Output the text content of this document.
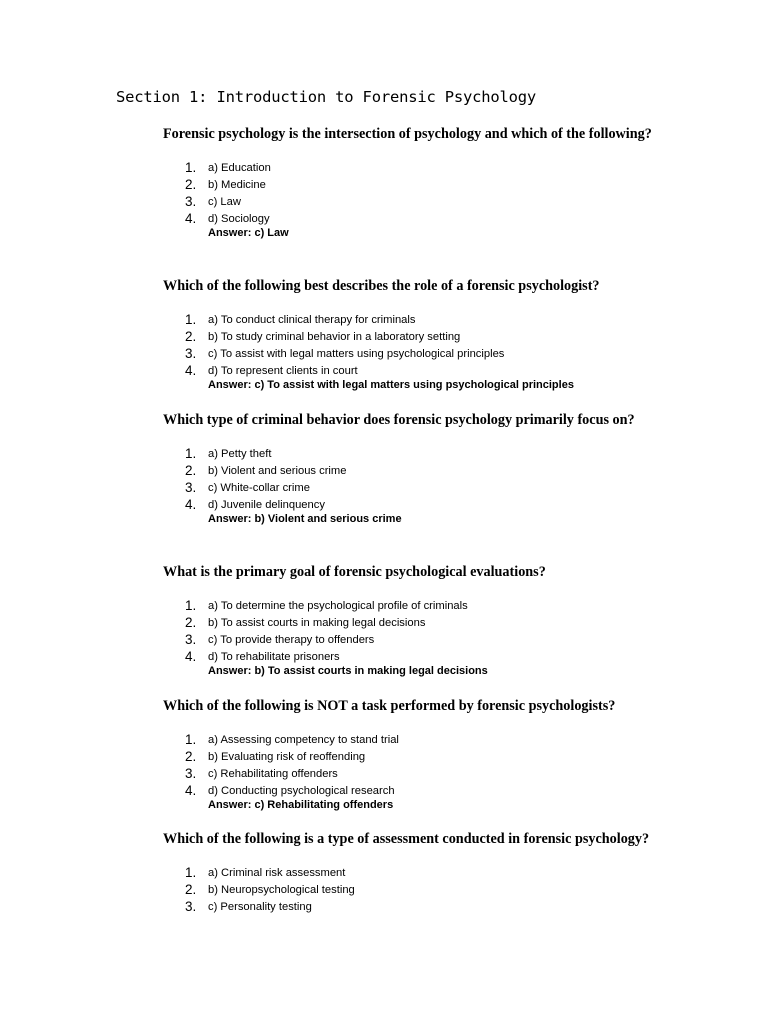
Section 1: Introduction to Forensic Psychology

Forensic psychology is the intersection of psychology and which of the following?

1. a) Education
2. b) Medicine
3. c) Law
4. d) Sociology
Answer: c) Law

Which of the following best describes the role of a forensic psychologist?

1. a) To conduct clinical therapy for criminals
2. b) To study criminal behavior in a laboratory setting
3. c) To assist with legal matters using psychological principles
4. d) To represent clients in court
Answer: c) To assist with legal matters using psychological principles

Which type of criminal behavior does forensic psychology primarily focus on?

1. a) Petty theft
2. b) Violent and serious crime
3. c) White-collar crime
4. d) Juvenile delinquency
Answer: b) Violent and serious crime

What is the primary goal of forensic psychological evaluations?

1. a) To determine the psychological profile of criminals
2. b) To assist courts in making legal decisions
3. c) To provide therapy to offenders
4. d) To rehabilitate prisoners
Answer: b) To assist courts in making legal decisions

Which of the following is NOT a task performed by forensic psychologists?

1. a) Assessing competency to stand trial
2. b) Evaluating risk of reoffending
3. c) Rehabilitating offenders
4. d) Conducting psychological research
Answer: c) Rehabilitating offenders

Which of the following is a type of assessment conducted in forensic psychology?

1. a) Criminal risk assessment
2. b) Neuropsychological testing
3. c) Personality testing
